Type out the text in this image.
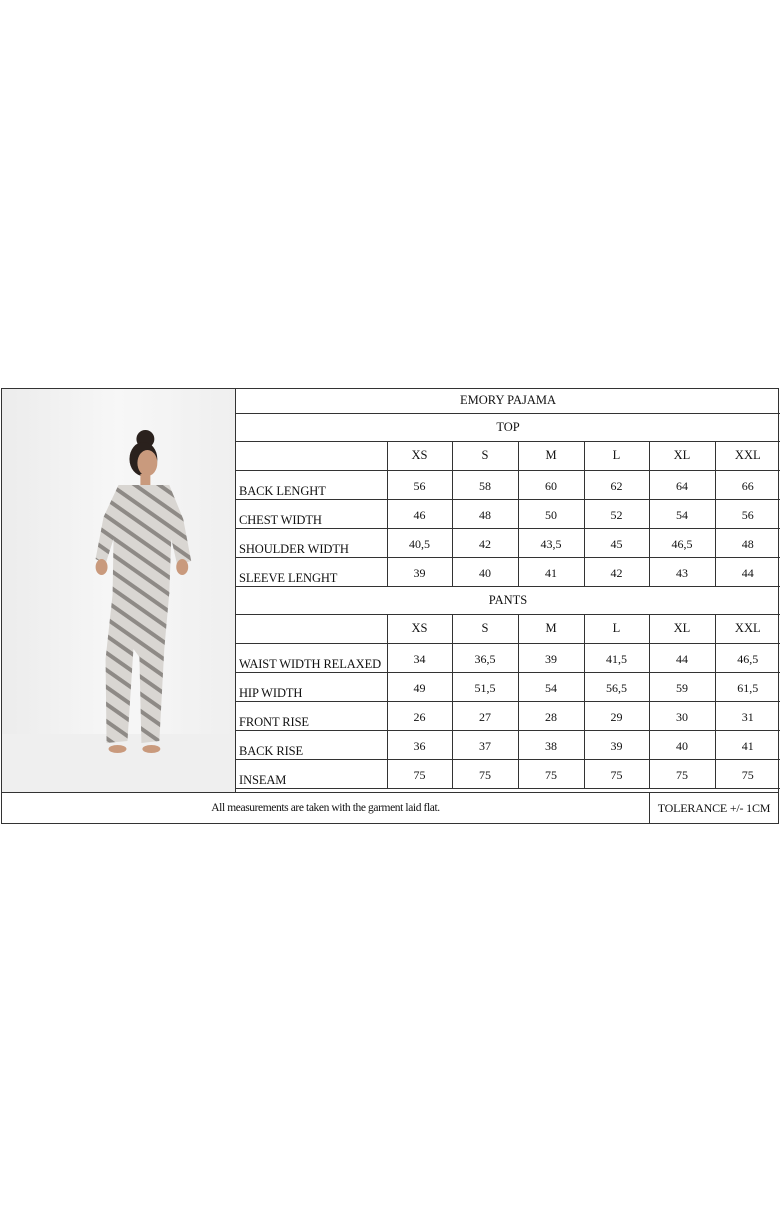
EMORY PAJAMA						
TOP						
	XS	S	M	L	XL	XXL
BACK LENGHT	56	58	60	62	64	66
CHEST WIDTH	46	48	50	52	54	56
SHOULDER WIDTH	40,5	42	43,5	45	46,5	48
SLEEVE LENGHT	39	40	41	42	43	44
PANTS						
	XS	S	M	L	XL	XXL
WAIST WIDTH RELAXED	34	36,5	39	41,5	44	46,5
HIP WIDTH	49	51,5	54	56,5	59	61,5
FRONT RISE	26	27	28	29	30	31
BACK RISE	36	37	38	39	40	41
INSEAM	75	75	75	75	75	75
All measurements are taken with the garment laid flat.	TOLERANCE +/- 1CM
